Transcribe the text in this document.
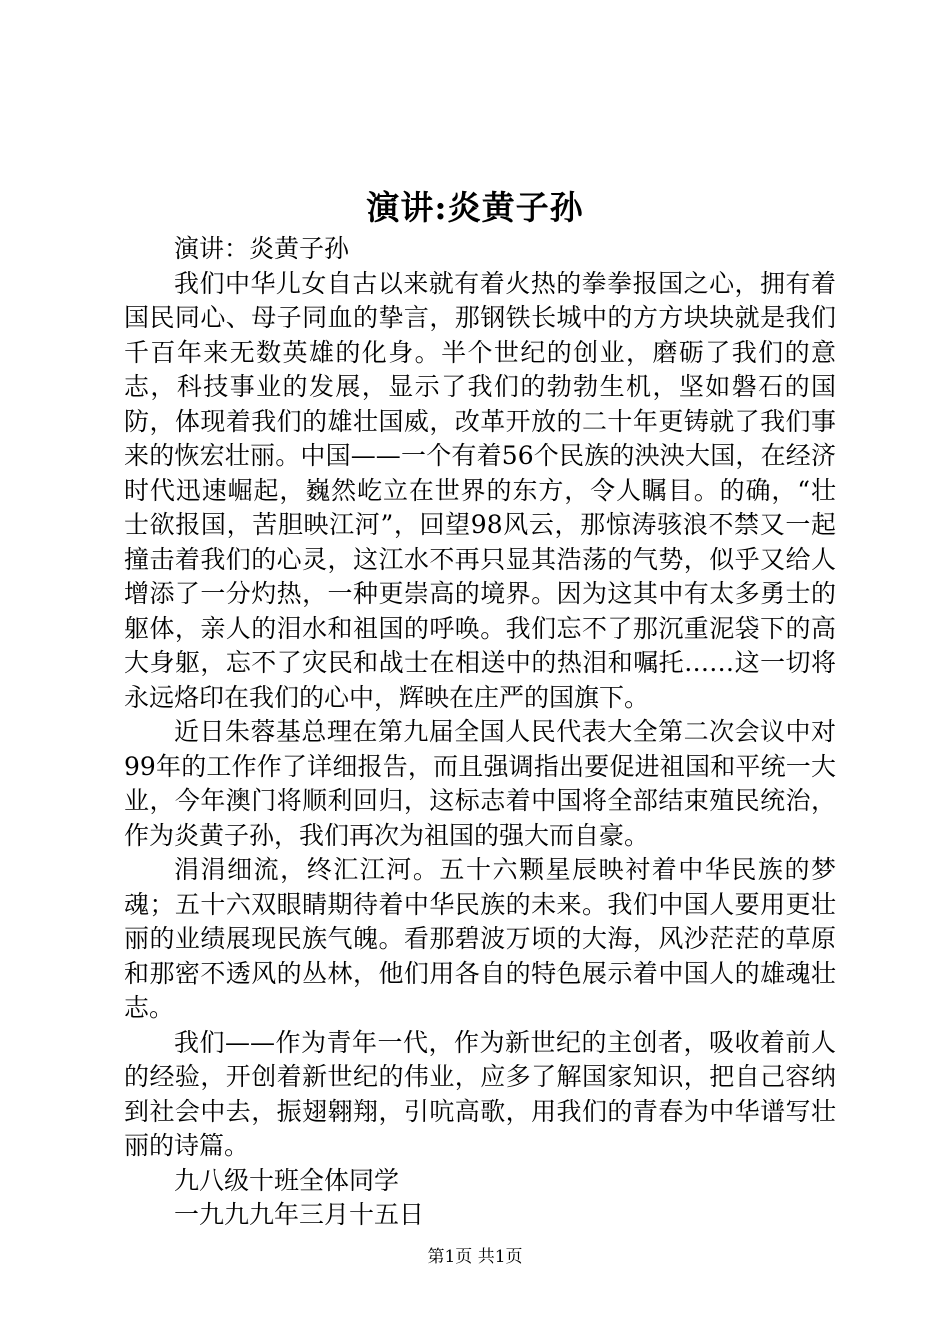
演讲:炎黄子孙

演讲：炎黄子孙

我们中华儿女自古以来就有着火热的拳拳报国之心，拥有着国民同心、母子同血的挚言，那钢铁长城中的方方块块就是我们千百年来无数英雄的化身。半个世纪的创业，磨砺了我们的意志，科技事业的发展，显示了我们的勃勃生机，坚如磐石的国防，体现着我们的雄壮国威，改革开放的二十年更铸就了我们事来的恢宏壮丽。中国——一个有着56个民族的泱泱大国，在经济时代迅速崛起，巍然屹立在世界的东方，令人瞩目。的确，“壮士欲报国，苦胆映江河”，回望98风云，那惊涛骇浪不禁又一起撞击着我们的心灵，这江水不再只显其浩荡的气势，似乎又给人增添了一分灼热，一种更崇高的境界。因为这其中有太多勇士的躯体，亲人的泪水和祖国的呼唤。我们忘不了那沉重泥袋下的高大身躯，忘不了灾民和战士在相送中的热泪和嘱托……这一切将永远烙印在我们的心中，辉映在庄严的国旗下。

近日朱蓉基总理在第九届全国人民代表大全第二次会议中对99年的工作作了详细报告，而且强调指出要促进祖国和平统一大业，今年澳门将顺利回归，这标志着中国将全部结束殖民统治，作为炎黄子孙，我们再次为祖国的强大而自豪。

涓涓细流，终汇江河。五十六颗星辰映衬着中华民族的梦魂；五十六双眼睛期待着中华民族的未来。我们中国人要用更壮丽的业绩展现民族气魄。看那碧波万顷的大海，风沙茫茫的草原和那密不透风的丛林，他们用各自的特色展示着中国人的雄魂壮志。

我们——作为青年一代，作为新世纪的主创者，吸收着前人的经验，开创着新世纪的伟业，应多了解国家知识，把自己容纳到社会中去，振翅翱翔，引吭高歌，用我们的青春为中华谱写壮丽的诗篇。

九八级十班全体同学

一九九九年三月十五日

第1页 共1页
